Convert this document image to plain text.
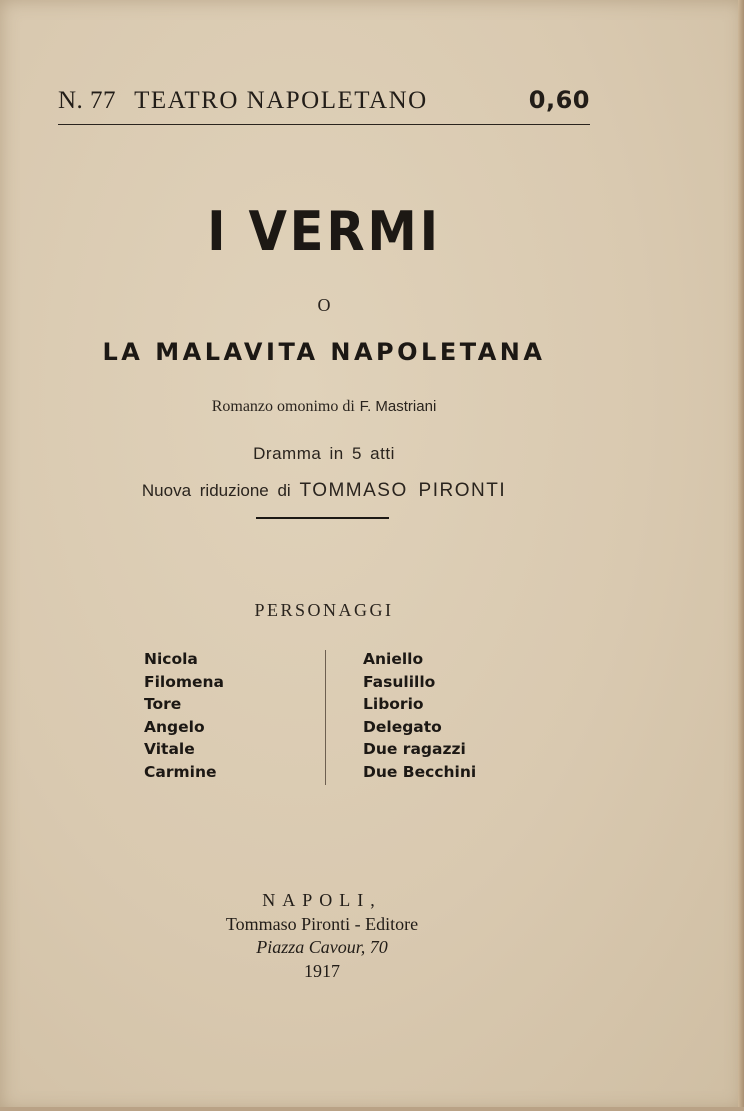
N. 77 TEATRO NAPOLETANO	0,60
I VERMI
O
LA MALAVITA NAPOLETANA
Romanzo omonimo di F. Mastriani
Dramma in 5 atti
Nuova riduzione di TOMMASO PIRONTI
PERSONAGGI
Nicola
Filomena
Tore
Angelo
Vitale
Carmine
Aniello
Fasulillo
Liborio
Delegato
Due ragazzi
Due Becchini
NAPOLI,
Tommaso Pironti - Editore
Piazza Cavour, 70
1917
